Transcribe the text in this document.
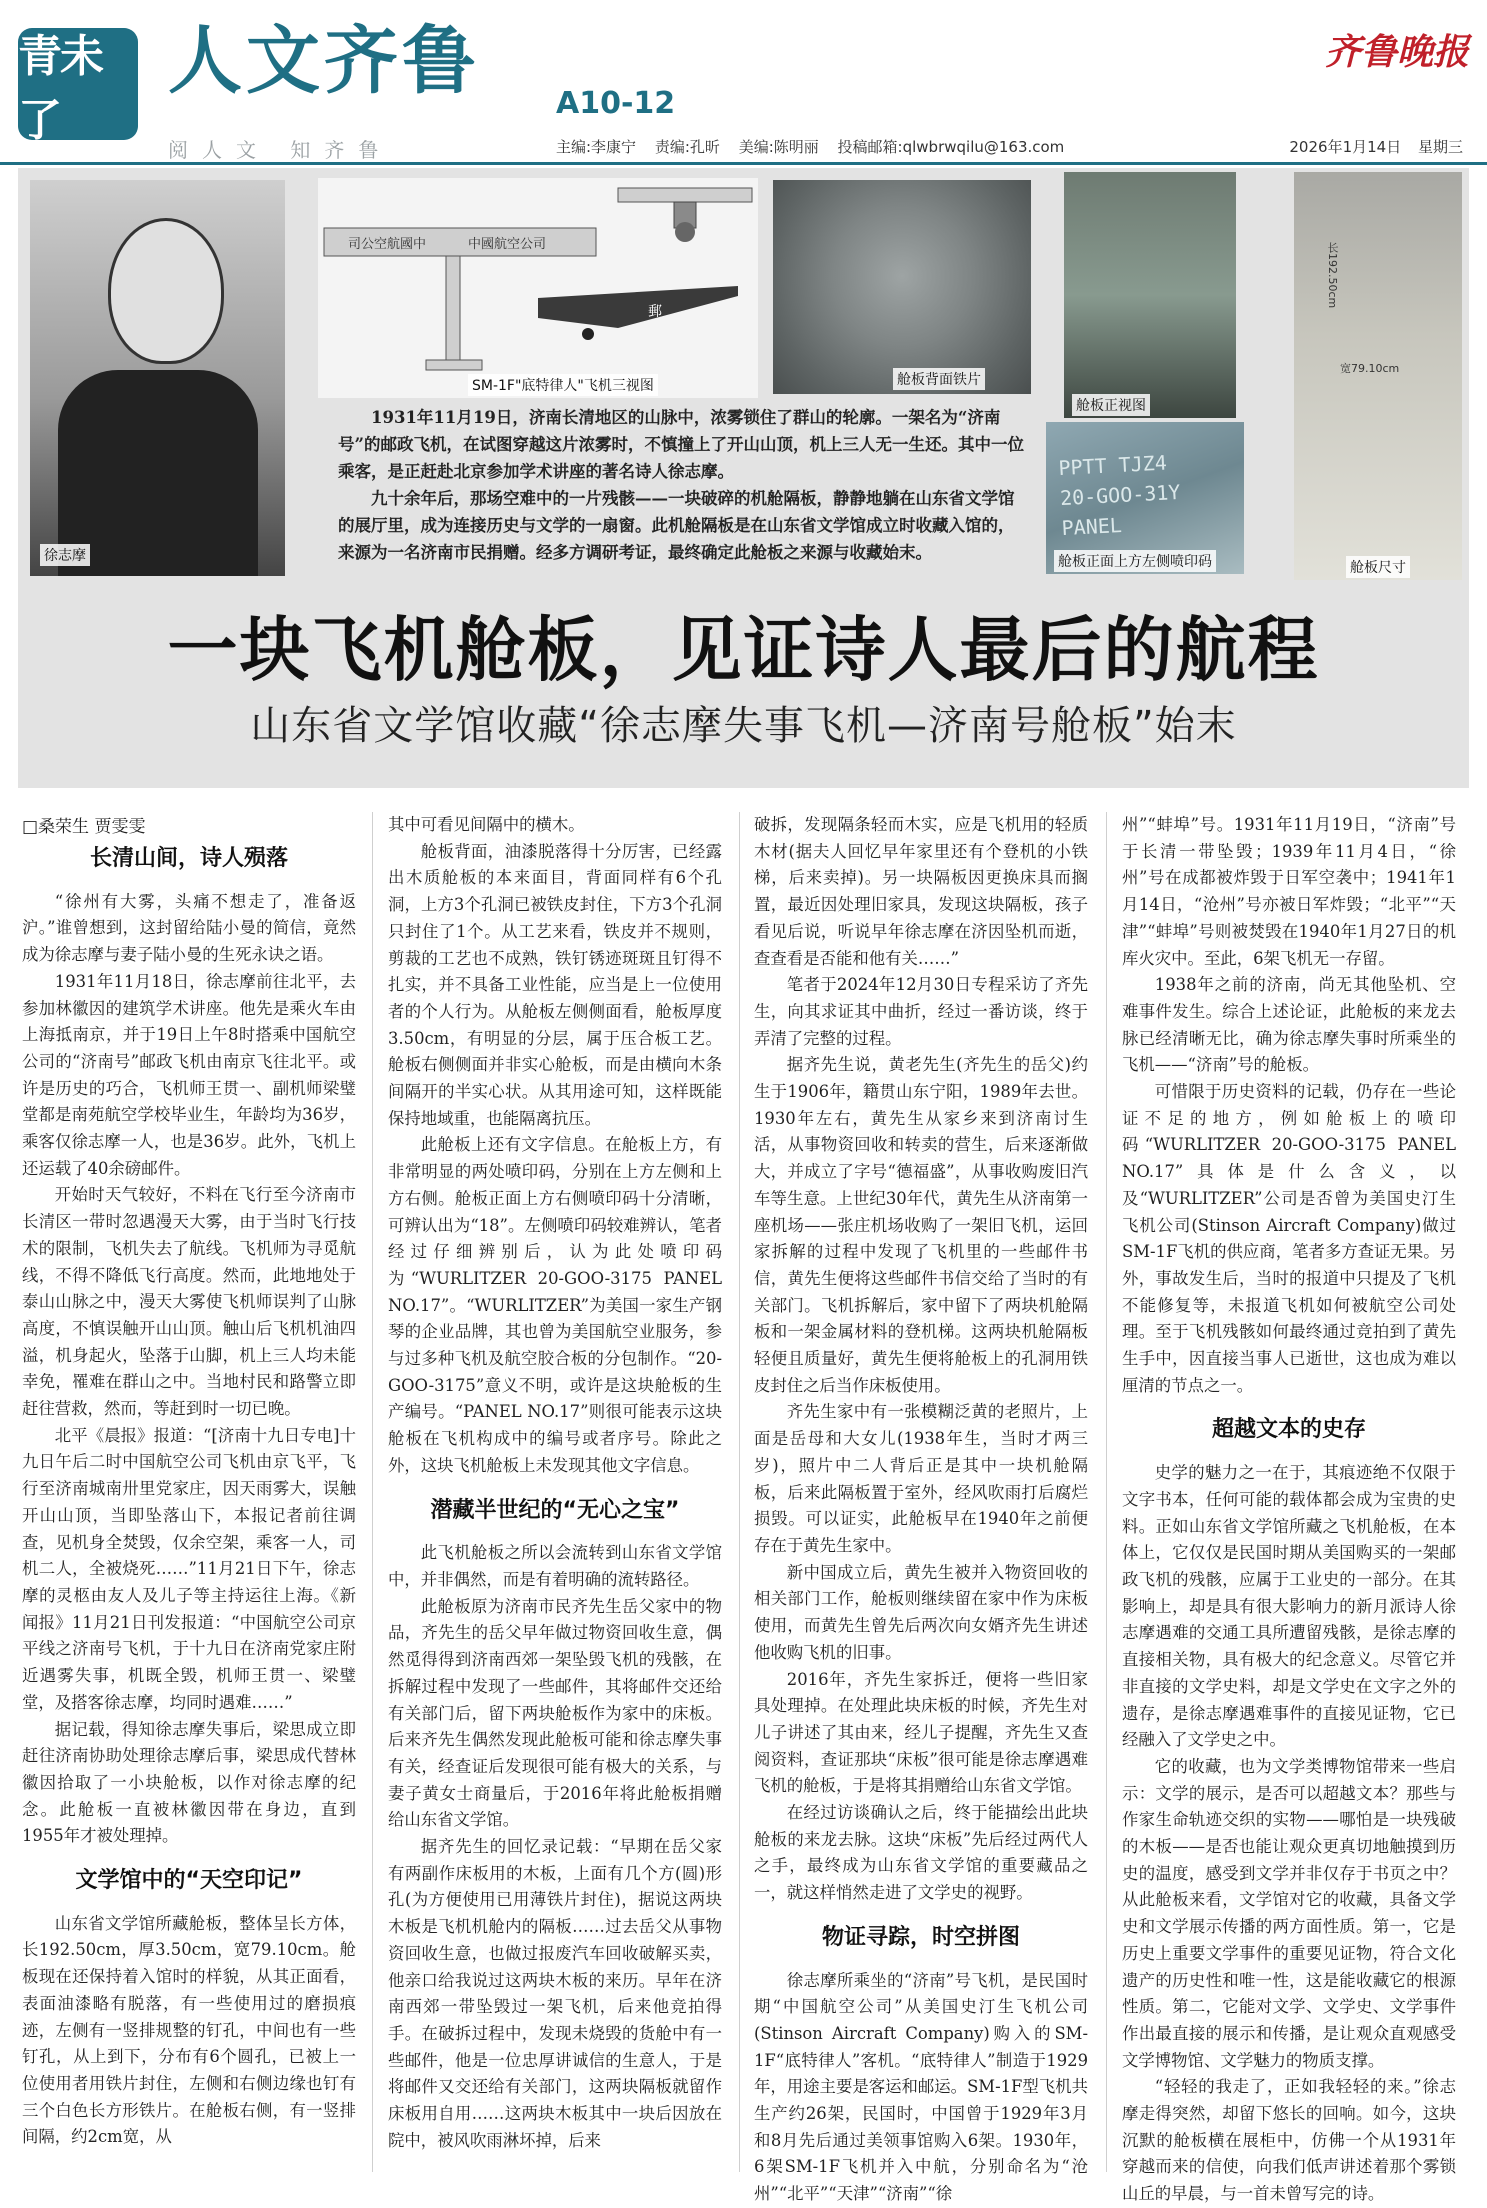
青未了
人文齐鲁	A10-12
齐鲁晚报
阅人文 知齐鲁	主编:李康宁 责编:孔昕 美编:陈明丽 投稿邮箱:qlwbrwqilu@163.com	2026年1月14日 星期三
徐志摩
司公空航國中	中國航空公司
郵
SM-1F"底特律人"飞机三视图	舱板背面铁片
舱板正视图
长192.50cm
宽79.10cm
舱板尺寸
PPTT TJZ4
20-GOO-31Y
PANEL
舱板正面上方左侧喷印码

1931年11月19日，济南长清地区的山脉中，浓雾锁住了群山的轮廓。一架名为“济南号”的邮政飞机，在试图穿越这片浓雾时，不慎撞上了开山山顶，机上三人无一生还。其中一位乘客，是正赶赴北京参加学术讲座的著名诗人徐志摩。

九十余年后，那场空难中的一片残骸——一块破碎的机舱隔板，静静地躺在山东省文学馆的展厅里，成为连接历史与文学的一扇窗。此机舱隔板是在山东省文学馆成立时收藏入馆的，来源为一名济南市民捐赠。经多方调研考证，最终确定此舱板之来源与收藏始末。

一块飞机舱板，见证诗人最后的航程
山东省文学馆收藏“徐志摩失事飞机—济南号舱板”始末
□桑荣生 贾雯雯
长清山间，诗人殒落

“徐州有大雾，头痛不想走了，准备返沪。”谁曾想到，这封留给陆小曼的简信，竟然成为徐志摩与妻子陆小曼的生死永诀之语。

1931年11月18日，徐志摩前往北平，去参加林徽因的建筑学术讲座。他先是乘火车由上海抵南京，并于19日上午8时搭乘中国航空公司的“济南号”邮政飞机由南京飞往北平。或许是历史的巧合，飞机师王贯一、副机师梁璧堂都是南苑航空学校毕业生，年龄均为36岁，乘客仅徐志摩一人，也是36岁。此外，飞机上还运载了40余磅邮件。

开始时天气较好，不料在飞行至今济南市长清区一带时忽遇漫天大雾，由于当时飞行技术的限制，飞机失去了航线。飞机师为寻觅航线，不得不降低飞行高度。然而，此地地处于泰山山脉之中，漫天大雾使飞机师误判了山脉高度，不慎误触开山山顶。触山后飞机机油四溢，机身起火，坠落于山脚，机上三人均未能幸免，罹难在群山之中。当地村民和路警立即赶往营救，然而，等赶到时一切已晚。

北平《晨报》报道：“[济南十九日专电]十九日午后二时中国航空公司飞机由京飞平，飞行至济南城南卅里党家庄，因天雨雾大，误触开山山顶，当即坠落山下，本报记者前往调查，见机身全焚毁，仅余空架，乘客一人，司机二人，全被烧死……”11月21日下午，徐志摩的灵柩由友人及儿子等主持运往上海。《新闻报》11月21日刊发报道：“中国航空公司京平线之济南号飞机，于十九日在济南党家庄附近遇雾失事，机既全毁，机师王贯一、梁璧堂，及搭客徐志摩，均同时遇难……”

据记载，得知徐志摩失事后，梁思成立即赶往济南协助处理徐志摩后事，梁思成代替林徽因拾取了一小块舱板，以作对徐志摩的纪念。此舱板一直被林徽因带在身边，直到1955年才被处理掉。

文学馆中的“天空印记”

山东省文学馆所藏舱板，整体呈长方体，长192.50cm，厚3.50cm，宽79.10cm。舱板现在还保持着入馆时的样貌，从其正面看，表面油漆略有脱落，有一些使用过的磨损痕迹，左侧有一竖排规整的钉孔，中间也有一些钉孔，从上到下，分布有6个圆孔，已被上一位使用者用铁片封住，左侧和右侧边缘也钉有三个白色长方形铁片。在舱板右侧，有一竖排间隔，约2cm宽，从

其中可看见间隔中的横木。

舱板背面，油漆脱落得十分厉害，已经露出木质舱板的本来面目，背面同样有6个孔洞，上方3个孔洞已被铁皮封住，下方3个孔洞只封住了1个。从工艺来看，铁皮并不规则，剪裁的工艺也不成熟，铁钉锈迹斑斑且钉得不扎实，并不具备工业性能，应当是上一位使用者的个人行为。从舱板左侧侧面看，舱板厚度3.50cm，有明显的分层，属于压合板工艺。舱板右侧侧面并非实心舱板，而是由横向木条间隔开的半实心状。从其用途可知，这样既能保持地域重，也能隔离抗压。

此舱板上还有文字信息。在舱板上方，有非常明显的两处喷印码，分别在上方左侧和上方右侧。舱板正面上方右侧喷印码十分清晰，可辨认出为“18”。左侧喷印码较难辨认，笔者经过仔细辨别后，认为此处喷印码为“WURLITZER 20-GOO-3175 PANEL NO.17”。“WURLITZER”为美国一家生产钢琴的企业品牌，其也曾为美国航空业服务，参与过多种飞机及航空胶合板的分包制作。“20-GOO-3175”意义不明，或许是这块舱板的生产编号。“PANEL NO.17”则很可能表示这块舱板在飞机构成中的编号或者序号。除此之外，这块飞机舱板上未发现其他文字信息。

潜藏半世纪的“无心之宝”

此飞机舱板之所以会流转到山东省文学馆中，并非偶然，而是有着明确的流转路径。

此舱板原为济南市民齐先生岳父家中的物品，齐先生的岳父早年做过物资回收生意，偶然觅得得到济南西郊一架坠毁飞机的残骸，在拆解过程中发现了一些邮件，其将邮件交还给有关部门后，留下两块舱板作为家中的床板。后来齐先生偶然发现此舱板可能和徐志摩失事有关，经查证后发现很可能有极大的关系，与妻子黄女士商量后，于2016年将此舱板捐赠给山东省文学馆。

据齐先生的回忆录记载：“早期在岳父家有两副作床板用的木板，上面有几个方(圆)形孔(为方便使用已用薄铁片封住)，据说这两块木板是飞机机舱内的隔板……过去岳父从事物资回收生意，也做过报废汽车回收破解买卖，他亲口给我说过这两块木板的来历。早年在济南西郊一带坠毁过一架飞机，后来他竞拍得手。在破拆过程中，发现未烧毁的货舱中有一些邮件，他是一位忠厚讲诚信的生意人，于是将邮件又交还给有关部门，这两块隔板就留作床板用自用……这两块木板其中一块后因放在院中，被风吹雨淋坏掉，后来

破拆，发现隔条轻而木实，应是飞机用的轻质木材(据夫人回忆早年家里还有个登机的小铁梯，后来卖掉)。另一块隔板因更换床具而搁置，最近因处理旧家具，发现这块隔板，孩子看见后说，听说早年徐志摩在济因坠机而逝，查查看是否能和他有关……”

笔者于2024年12月30日专程采访了齐先生，向其求证其中曲折，经过一番访谈，终于弄清了完整的过程。

据齐先生说，黄老先生(齐先生的岳父)约生于1906年，籍贯山东宁阳，1989年去世。1930年左右，黄先生从家乡来到济南讨生活，从事物资回收和转卖的营生，后来逐渐做大，并成立了字号“德福盛”，从事收购废旧汽车等生意。上世纪30年代，黄先生从济南第一座机场——张庄机场收购了一架旧飞机，运回家拆解的过程中发现了飞机里的一些邮件书信，黄先生便将这些邮件书信交给了当时的有关部门。飞机拆解后，家中留下了两块机舱隔板和一架金属材料的登机梯。这两块机舱隔板轻便且质量好，黄先生便将舱板上的孔洞用铁皮封住之后当作床板使用。

齐先生家中有一张模糊泛黄的老照片，上面是岳母和大女儿(1938年生，当时才两三岁)，照片中二人背后正是其中一块机舱隔板，后来此隔板置于室外，经风吹雨打后腐烂损毁。可以证实，此舱板早在1940年之前便存在于黄先生家中。

新中国成立后，黄先生被并入物资回收的相关部门工作，舱板则继续留在家中作为床板使用，而黄先生曾先后两次向女婿齐先生讲述他收购飞机的旧事。

2016年，齐先生家拆迁，便将一些旧家具处理掉。在处理此块床板的时候，齐先生对儿子讲述了其由来，经儿子提醒，齐先生又查阅资料，查证那块“床板”很可能是徐志摩遇难飞机的舱板，于是将其捐赠给山东省文学馆。

在经过访谈确认之后，终于能描绘出此块舱板的来龙去脉。这块“床板”先后经过两代人之手，最终成为山东省文学馆的重要藏品之一，就这样悄然走进了文学史的视野。

物证寻踪，时空拼图

徐志摩所乘坐的“济南”号飞机，是民国时期“中国航空公司”从美国史汀生飞机公司(Stinson Aircraft Company)购入的SM-1F“底特律人”客机。“底特律人”制造于1929年，用途主要是客运和邮运。SM-1F型飞机共生产约26架，民国时，中国曾于1929年3月和8月先后通过美领事馆购入6架。1930年，6架SM-1F飞机并入中航，分别命名为“沧州”“北平”“天津”“济南”“徐

州”“蚌埠”号。1931年11月19日，“济南”号于长清一带坠毁；1939年11月4日，“徐州”号在成都被炸毁于日军空袭中；1941年1月14日，“沧州”号亦被日军炸毁；“北平”“天津”“蚌埠”号则被焚毁在1940年1月27日的机库火灾中。至此，6架飞机无一存留。

1938年之前的济南，尚无其他坠机、空难事件发生。综合上述论证，此舱板的来龙去脉已经清晰无比，确为徐志摩失事时所乘坐的飞机——“济南”号的舱板。

可惜限于历史资料的记载，仍存在一些论证不足的地方，例如舱板上的喷印码“WURLITZER 20-GOO-3175 PANEL NO.17”具体是什么含义，以及“WURLITZER”公司是否曾为美国史汀生飞机公司(Stinson Aircraft Company)做过SM-1F飞机的供应商，笔者多方查证无果。另外，事故发生后，当时的报道中只提及了飞机不能修复等，未报道飞机如何被航空公司处理。至于飞机残骸如何最终通过竞拍到了黄先生手中，因直接当事人已逝世，这也成为难以厘清的节点之一。

超越文本的史存

史学的魅力之一在于，其痕迹绝不仅限于文字书本，任何可能的载体都会成为宝贵的史料。正如山东省文学馆所藏之飞机舱板，在本体上，它仅仅是民国时期从美国购买的一架邮政飞机的残骸，应属于工业史的一部分。在其影响上，却是具有很大影响力的新月派诗人徐志摩遇难的交通工具所遭留残骸，是徐志摩的直接相关物，具有极大的纪念意义。尽管它并非直接的文学史料，却是文学史在文字之外的遗存，是徐志摩遇难事件的直接见证物，它已经融入了文学史之中。

它的收藏，也为文学类博物馆带来一些启示：文学的展示，是否可以超越文本？那些与作家生命轨迹交织的实物——哪怕是一块残破的木板——是否也能让观众更真切地触摸到历史的温度，感受到文学并非仅存于书页之中？从此舱板来看，文学馆对它的收藏，具备文学史和文学展示传播的两方面性质。第一，它是历史上重要文学事件的重要见证物，符合文化遗产的历史性和唯一性，这是能收藏它的根源性质。第二，它能对文学、文学史、文学事件作出最直接的展示和传播，是让观众直观感受文学博物馆、文学魅力的物质支撑。

“轻轻的我走了，正如我轻轻的来。”徐志摩走得突然，却留下悠长的回响。如今，这块沉默的舱板横在展柜中，仿佛一个从1931年穿越而来的信使，向我们低声讲述着那个雾锁山丘的早晨，与一首未曾写完的诗。
